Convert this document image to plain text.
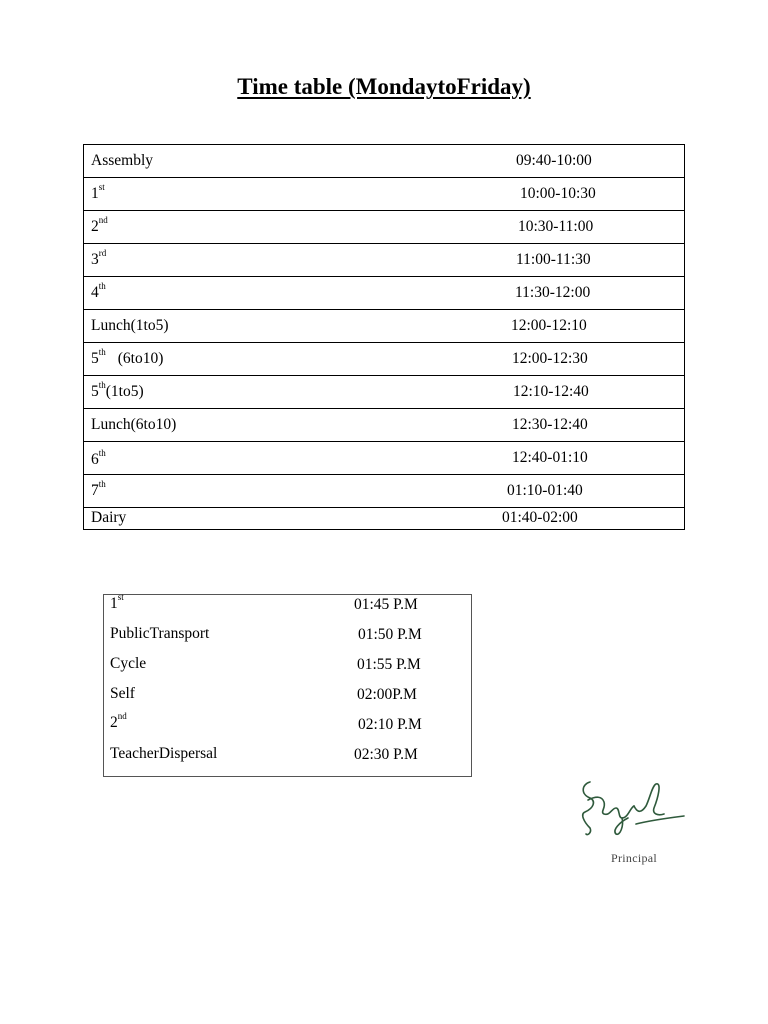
Time table (MondaytoFriday)
Assembly	09:40-10:00

1st	10:00-10:30

2nd	10:30-11:00

3rd	11:00-11:30

4th	11:30-12:00

Lunch(1to5)	12:00-12:10

5th (6to10)	12:00-12:30

5th(1to5)	12:10-12:40

Lunch(6to10)	12:30-12:40

6th	12:40-01:10

7th	01:10-01:40

Dairy	01:40-02:00
1st	01:45 P.M
PublicTransport	01:50 P.M
Cycle	01:55 P.M
Self	02:00P.M
2nd	02:10 P.M
TeacherDispersal	02:30 P.M
Principal
